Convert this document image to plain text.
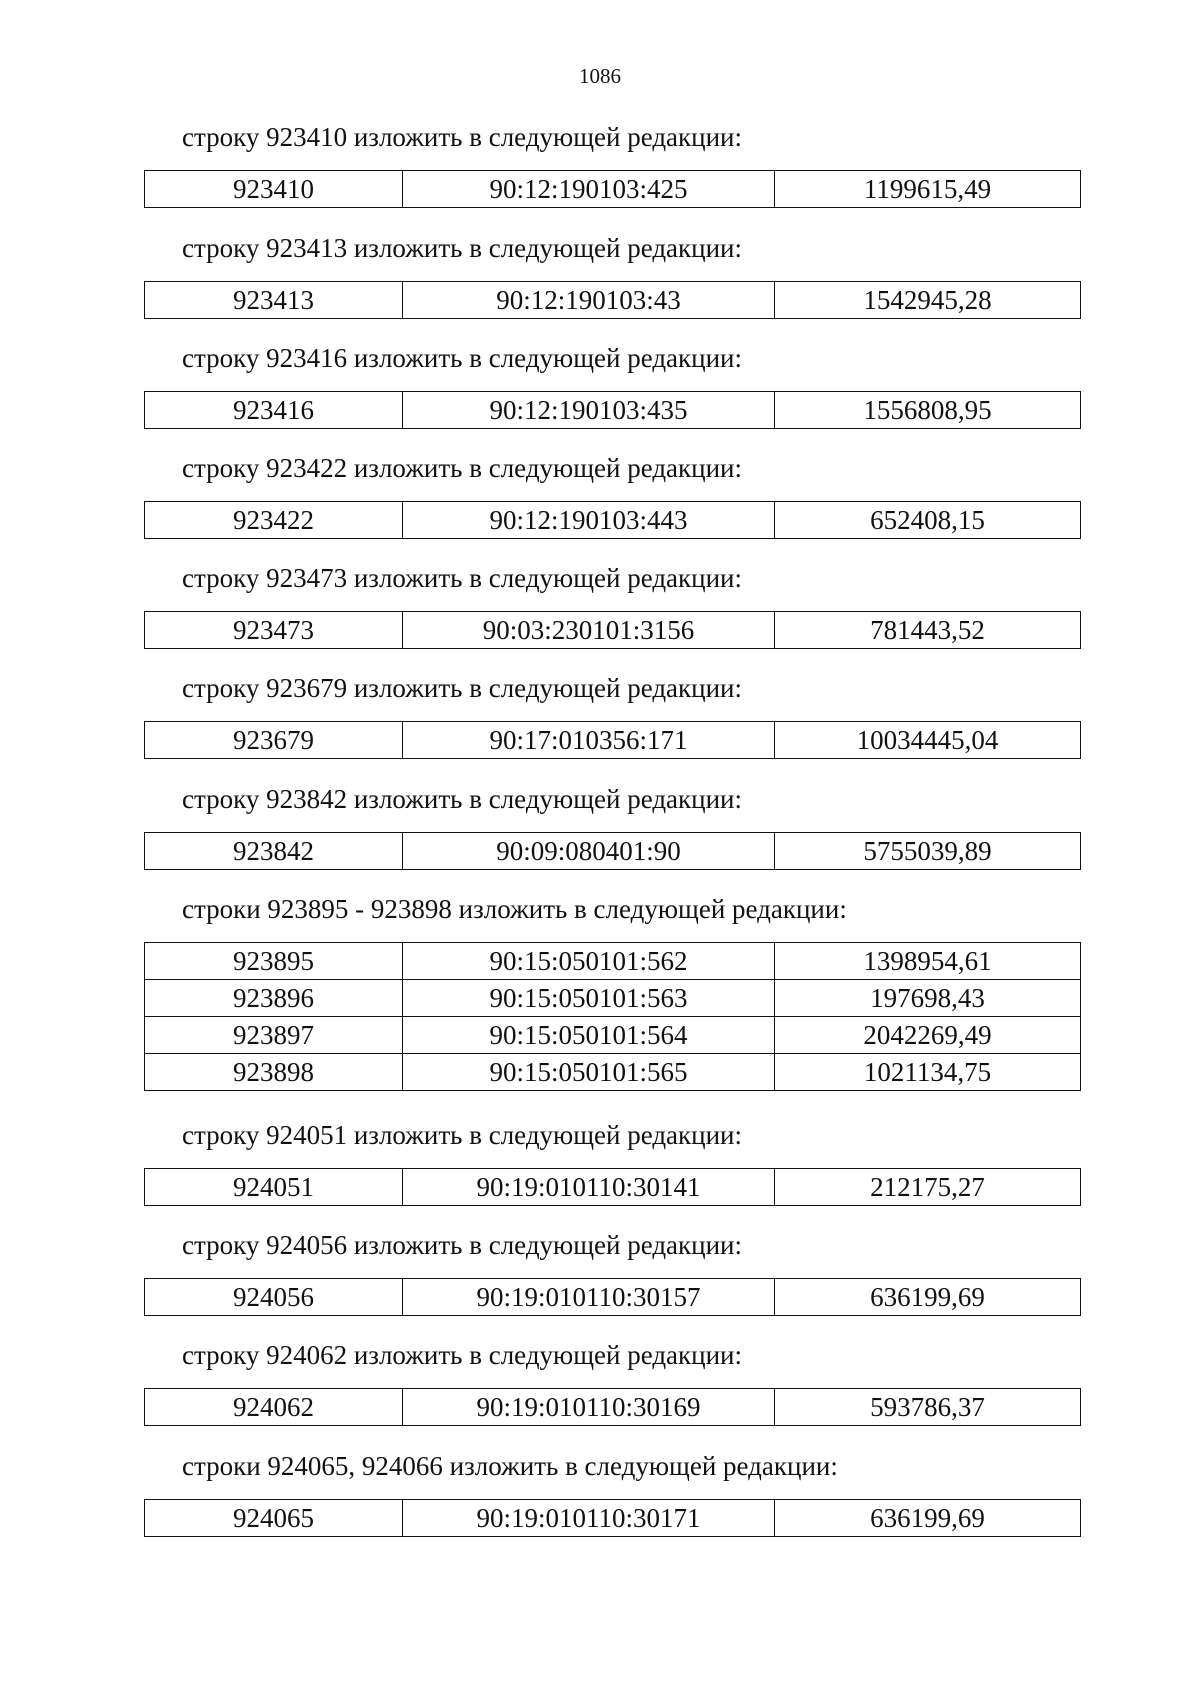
1086
строку 923410 изложить в следующей редакции:
923410	90:12:190103:425	1199615,49
строку 923413 изложить в следующей редакции:
923413	90:12:190103:43	1542945,28
строку 923416 изложить в следующей редакции:
923416	90:12:190103:435	1556808,95
строку 923422 изложить в следующей редакции:
923422	90:12:190103:443	652408,15
строку 923473 изложить в следующей редакции:
923473	90:03:230101:3156	781443,52
строку 923679 изложить в следующей редакции:
923679	90:17:010356:171	10034445,04
строку 923842 изложить в следующей редакции:
923842	90:09:080401:90	5755039,89
строки 923895 - 923898 изложить в следующей редакции:
923895	90:15:050101:562	1398954,61
923896	90:15:050101:563	197698,43
923897	90:15:050101:564	2042269,49
923898	90:15:050101:565	1021134,75
строку 924051 изложить в следующей редакции:
924051	90:19:010110:30141	212175,27
строку 924056 изложить в следующей редакции:
924056	90:19:010110:30157	636199,69
строку 924062 изложить в следующей редакции:
924062	90:19:010110:30169	593786,37
строки 924065, 924066 изложить в следующей редакции:
924065	90:19:010110:30171	636199,69
